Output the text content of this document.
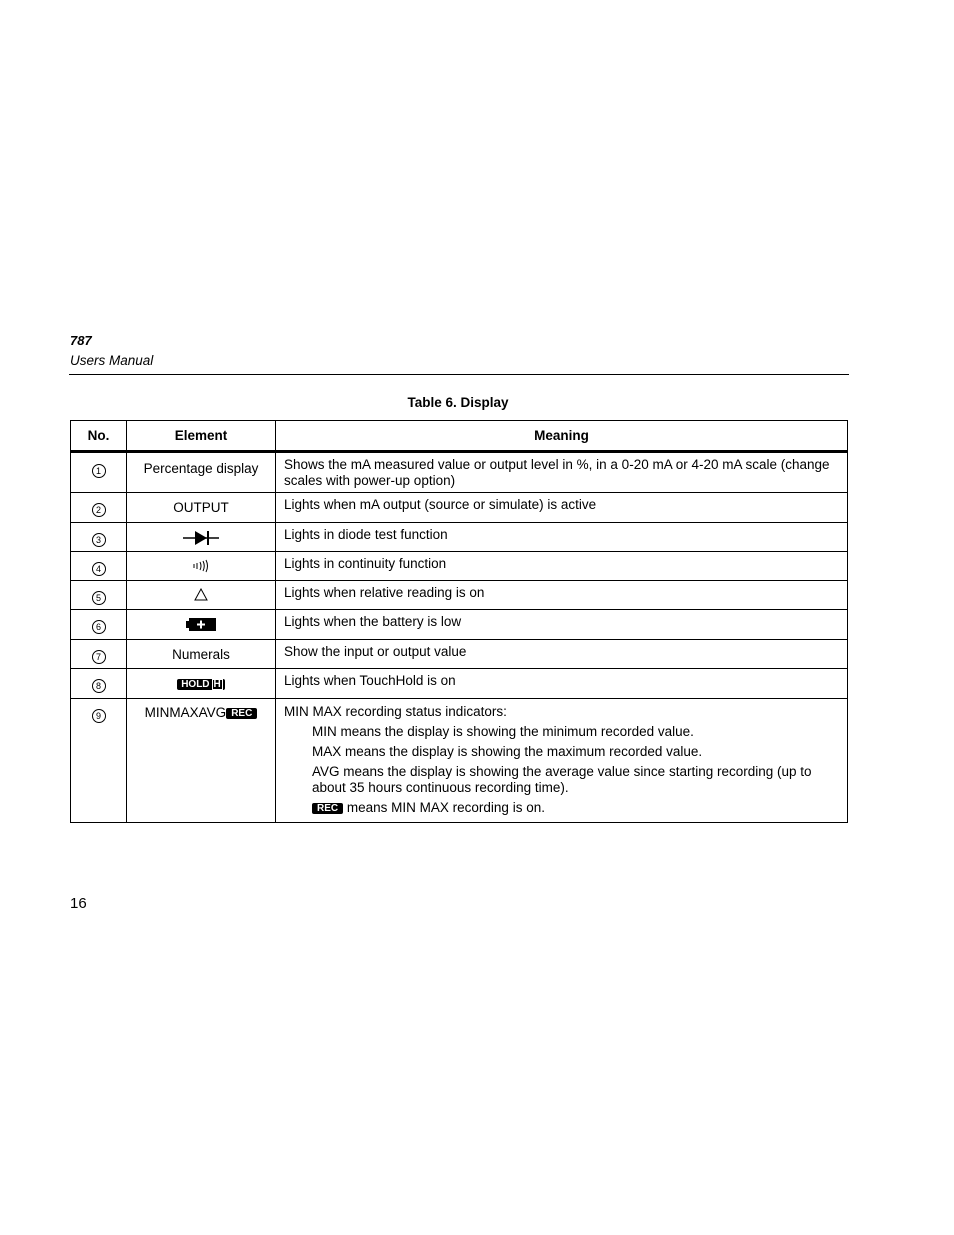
787
Users Manual
Table 6. Display
No.	Element	Meaning
1	Percentage display	Shows the mA measured value or output level in %, in a 0-20 mA or 4-20 mA scale (change scales with power-up option)
2	OUTPUT	Lights when mA output (source or simulate) is active
3		Lights in diode test function
4		Lights in continuity function
5		Lights when relative reading is on
6		Lights when the battery is low
7	Numerals	Show the input or output value
8	HOLD H	Lights when TouchHold is on
9	MINMAXAVG REC	MIN MAX recording status indicators:
MIN means the display is showing the minimum recorded value.
MAX means the display is showing the maximum recorded value.
AVG means the display is showing the average value since starting recording (up to about 35 hours continuous recording time).
REC means MIN MAX recording is on.
16
